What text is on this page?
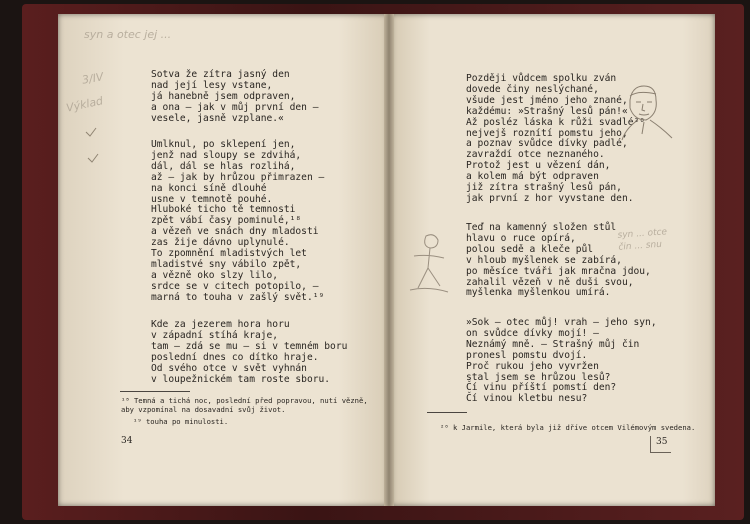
syn a otec jej ...
3/IV
Výklad
Sotva že zítra jasný den
nad její lesy vstane,
já hanebně jsem odpraven,
a ona — jak v můj první den —
vesele, jasně vzplane.«
Umlknul, po sklepení jen,
jenž nad sloupy se zdvihá,
dál, dál se hlas rozlihá,
až — jak by hrůzou přimrazen —
na konci síně dlouhé
usne v temnotě pouhé.
Hluboké ticho tě temnosti
zpět vábí časy pominulé,¹⁸
a vězeň ve snách dny mladosti
zas žije dávno uplynulé.
To zpomnění mladistvých let
mladistvé sny vábilo zpět,
a vězně oko slzy lilo,
srdce se v citech potopilo, —
marná to touha v zašlý svět.¹⁹
Kde za jezerem hora horu
v západní stíhá kraje,
tam — zdá se mu — si v temném boru
poslední dnes co dítko hraje.
Od svého otce v svět vyhnán
v loupežnickém tam roste sboru.
¹⁸ Temná a tichá noc, poslední před popravou, nutí vězně,
aby vzpomínal na dosavadní svůj život.
¹⁹ touha po minulosti.
34
Později vůdcem spolku zván
dovede činy neslýchané,
všude jest jméno jeho znané,
každému: »Strašný lesů pán!«
Až posléz láska k růži svadlé²⁰
nejvejš roznítí pomstu jeho,
a poznav svůdce dívky padlé,
zavraždí otce neznaného.
Protož jest u vězení dán,
a kolem má být odpraven
již zítra strašný lesů pán,
jak první z hor vyvstane den.
Teď na kamenný složen stůl
hlavu o ruce opírá,
polou sedě a kleče půl
v hloub myšlenek se zabírá,
po měsíce tváři jak mračna jdou,
zahalil vězeň v ně duši svou,
myšlenka myšlenkou umírá.
»Sok — otec můj! vrah — jeho syn,
on svůdce dívky mojí! —
Neznámý mně. — Strašný můj čin
pronesl pomstu dvojí.
Proč rukou jeho vyvržen
stal jsem se hrůzou lesů?
Čí vinu příští pomstí den?
Čí vinou kletbu nesu?
²⁰ k Jarmile, která byla již dříve otcem Vilémovým svedena.
35
syn ... otce
čin ... snu
